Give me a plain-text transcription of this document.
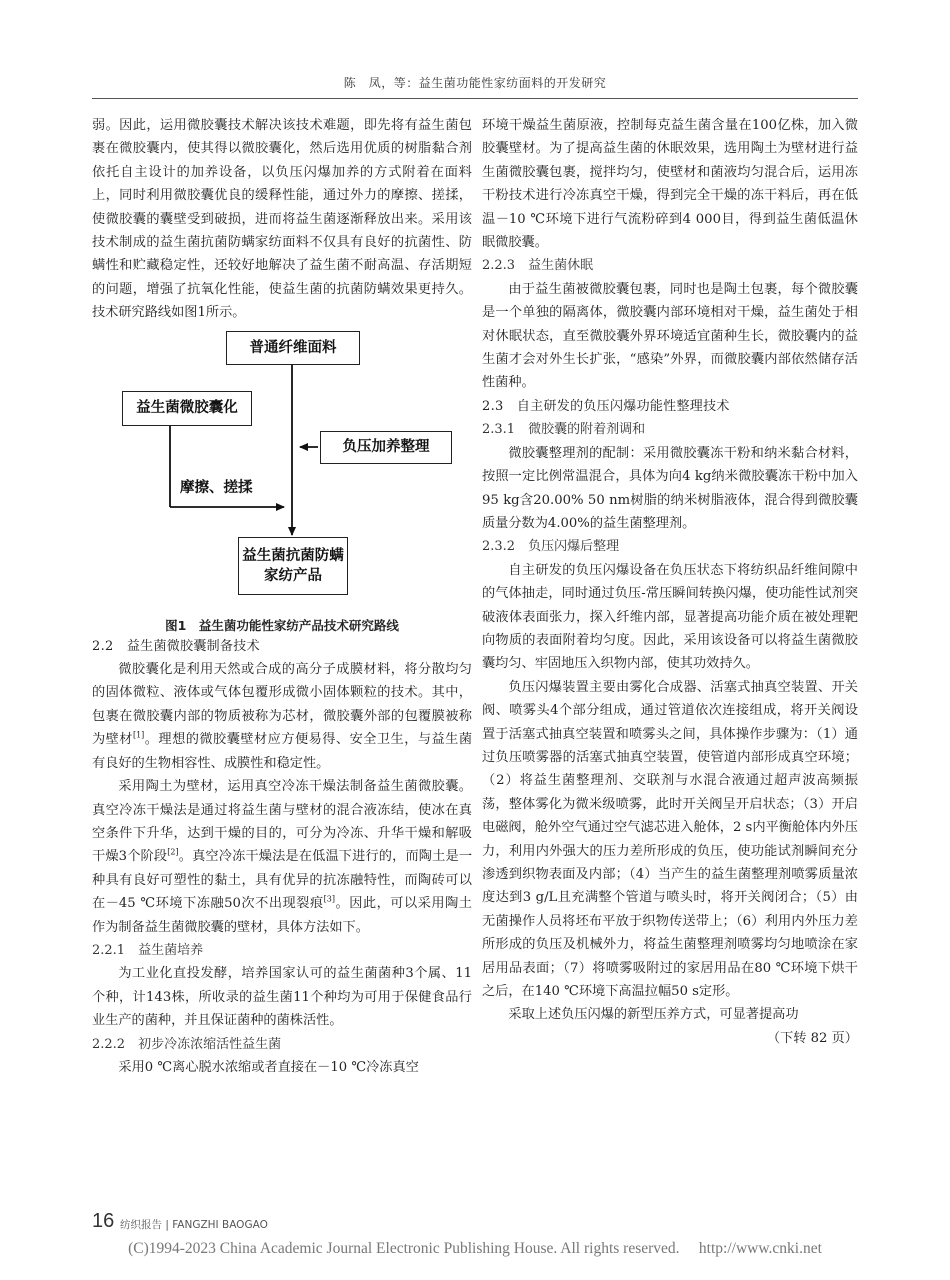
陈　凤，等：益生菌功能性家纺面料的开发研究

弱。因此，运用微胶囊技术解决该技术难题，即先将有益生菌包裹在微胶囊内，使其得以微胶囊化，然后选用优质的树脂黏合剂依托自主设计的加养设备，以负压闪爆加养的方式附着在面料上，同时利用微胶囊优良的缓释性能，通过外力的摩擦、搓揉，使微胶囊的囊壁受到破损，进而将益生菌逐渐释放出来。采用该技术制成的益生菌抗菌防螨家纺面料不仅具有良好的抗菌性、防螨性和贮藏稳定性，还较好地解决了益生菌不耐高温、存活期短的问题，增强了抗氧化性能，使益生菌的抗菌防螨效果更持久。技术研究路线如图1所示。

普通纤维面料
益生菌微胶囊化
负压加养整理
摩擦、搓揉
益生菌抗菌防螨家纺产品

图1　益生菌功能性家纺产品技术研究路线

2.2　益生菌微胶囊制备技术

微胶囊化是利用天然或合成的高分子成膜材料，将分散均匀的固体微粒、液体或气体包覆形成微小固体颗粒的技术。其中，包裹在微胶囊内部的物质被称为芯材，微胶囊外部的包覆膜被称为壁材[1]。理想的微胶囊壁材应方便易得、安全卫生，与益生菌有良好的生物相容性、成膜性和稳定性。

采用陶土为壁材，运用真空冷冻干燥法制备益生菌微胶囊。真空冷冻干燥法是通过将益生菌与壁材的混合液冻结，使冰在真空条件下升华，达到干燥的目的，可分为冷冻、升华干燥和解吸干燥3个阶段[2]。真空冷冻干燥法是在低温下进行的，而陶土是一种具有良好可塑性的黏土，具有优异的抗冻融特性，而陶砖可以在－45 ℃环境下冻融50次不出现裂痕[3]。因此，可以采用陶土作为制备益生菌微胶囊的壁材，具体方法如下。

2.2.1　益生菌培养

为工业化直投发酵，培养国家认可的益生菌菌种3个属、11个种，计143株，所收录的益生菌11个种均为可用于保健食品行业生产的菌种，并且保证菌种的菌株活性。

2.2.2　初步冷冻浓缩活性益生菌

采用0 ℃离心脱水浓缩或者直接在－10 ℃冷冻真空

环境干燥益生菌原液，控制每克益生菌含量在100亿株，加入微胶囊壁材。为了提高益生菌的休眠效果，选用陶土为壁材进行益生菌微胶囊包裹，搅拌均匀，使壁材和菌液均匀混合后，运用冻干粉技术进行冷冻真空干燥，得到完全干燥的冻干料后，再在低温－10 ℃环境下进行气流粉碎到4 000目，得到益生菌低温休眠微胶囊。

2.2.3　益生菌休眠

由于益生菌被微胶囊包裹，同时也是陶土包裹，每个微胶囊是一个单独的隔离体，微胶囊内部环境相对干燥，益生菌处于相对休眠状态，直至微胶囊外界环境适宜菌种生长，微胶囊内的益生菌才会对外生长扩张，“感染”外界，而微胶囊内部依然储存活性菌种。

2.3　自主研发的负压闪爆功能性整理技术

2.3.1　微胶囊的附着剂调和

微胶囊整理剂的配制：采用微胶囊冻干粉和纳米黏合材料，按照一定比例常温混合，具体为向4 kg纳米微胶囊冻干粉中加入95 kg含20.00% 50 nm树脂的纳米树脂液体，混合得到微胶囊质量分数为4.00%的益生菌整理剂。

2.3.2　负压闪爆后整理

自主研发的负压闪爆设备在负压状态下将纺织品纤维间隙中的气体抽走，同时通过负压-常压瞬间转换闪爆，使功能性试剂突破液体表面张力，探入纤维内部，显著提高功能介质在被处理靶向物质的表面附着均匀度。因此，采用该设备可以将益生菌微胶囊均匀、牢固地压入织物内部，使其功效持久。

负压闪爆装置主要由雾化合成器、活塞式抽真空装置、开关阀、喷雾头4个部分组成，通过管道依次连接组成，将开关阀设置于活塞式抽真空装置和喷雾头之间，具体操作步骤为：（1）通过负压喷雾器的活塞式抽真空装置，使管道内部形成真空环境；（2）将益生菌整理剂、交联剂与水混合液通过超声波高频振荡，整体雾化为微米级喷雾，此时开关阀呈开启状态；（3）开启电磁阀，舱外空气通过空气滤芯进入舱体，2 s内平衡舱体内外压力，利用内外强大的压力差所形成的负压，使功能试剂瞬间充分渗透到织物表面及内部；（4）当产生的益生菌整理剂喷雾质量浓度达到3 g/L且充满整个管道与喷头时，将开关阀闭合；（5）由无菌操作人员将坯布平放于织物传送带上；（6）利用内外压力差所形成的负压及机械外力，将益生菌整理剂喷雾均匀地喷涂在家居用品表面；（7）将喷雾吸附过的家居用品在80 ℃环境下烘干之后，在140 ℃环境下高温拉幅50 s定形。

采取上述负压闪爆的新型压养方式，可显著提高功

（下转 82 页）

16 纺织报告 | FANGZHI BAOGAO
(C)1994-2023 China Academic Journal Electronic Publishing House. All rights reserved.　 http://www.cnki.net
